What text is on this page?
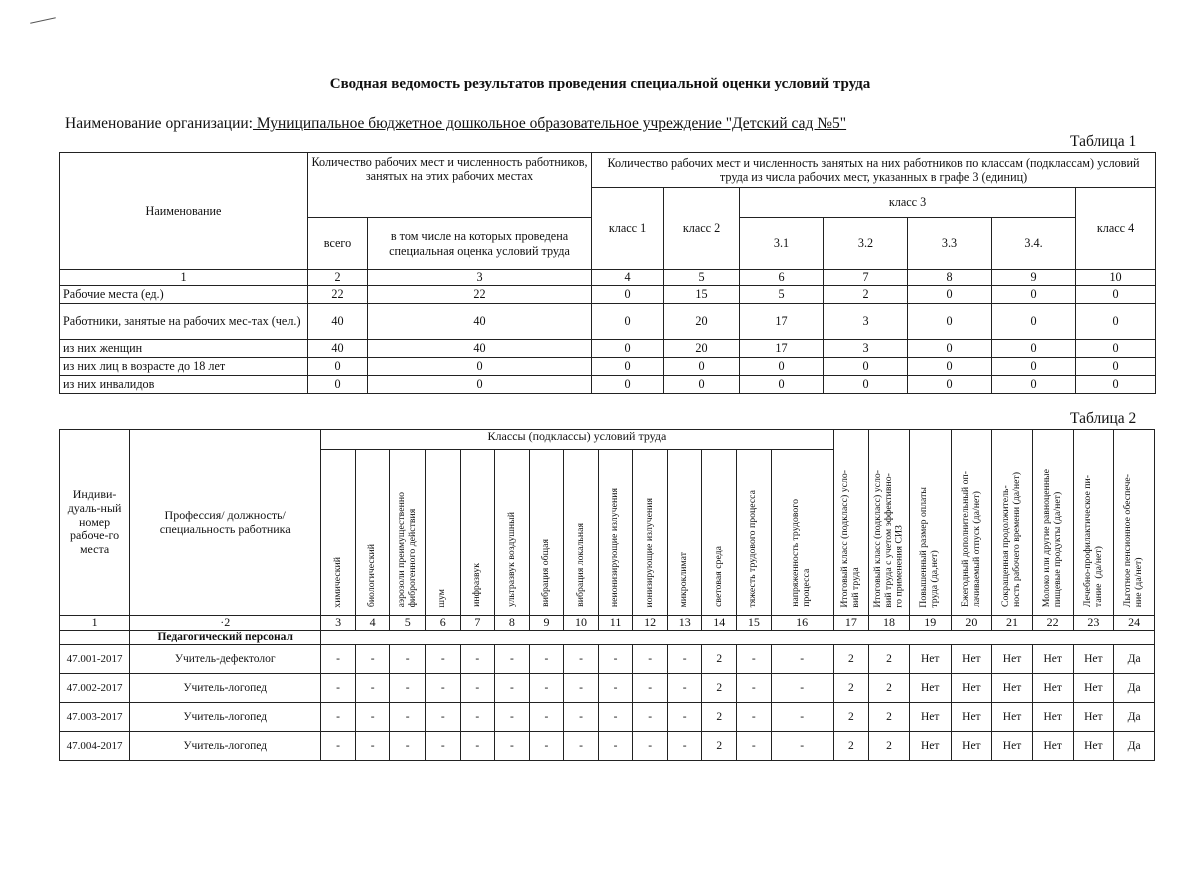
Сводная ведомость результатов проведения специальной оценки условий труда
Наименование организации: Муниципальное бюджетное дошкольное образовательное учреждение "Детский сад №5"
Таблица 1
Наименование	Количество рабочих мест и численность работников, занятых на этих рабочих местах		Количество рабочих мест и численность занятых на них работников по классам (подклассам) условий труда из числа рабочих мест, указанных в графе 3 (единиц)						
			класс 1	класс 2	класс 3				класс 4
	всего	в том числе на которых проведена специальная оценка условий труда			3.1	3.2	3.3	3.4.	
1	2	3	4	5	6	7	8	9	10
Рабочие места (ед.)	22	22	0	15	5	2	0	0	0
Работники, занятые на рабочих мес-тах (чел.)	40	40	0	20	17	3	0	0	0
из них женщин	40	40	0	20	17	3	0	0	0
из них лиц в возрасте до 18 лет	0	0	0	0	0	0	0	0	0
из них инвалидов	0	0	0	0	0	0	0	0	0
Таблица 2
Индиви-дуаль-ный номер рабоче-го места	Профессия/ должность/ специальность работника	Классы (подклассы) условий труда														Итоговый класс (подкласс) усло-
вий труда	Итоговый класс (подкласс) усло-
вий труда с учетом эффективно-
го применения СИЗ	Повышенный размер оплаты
труда (да,нет)	Ежегодный дополнительный оп-
лачиваемый отпуск (да/нет)	Сокращенная продолжитель-
ность рабочего времени (да/нет)	Молоко или другие равноценные
пищевые продукты (да/нет)	Лечебно-профилактическое пи-
тание  (да/нет)	Льготное пенсионное обеспече-
ние (да/нет)
		химический	биологический	аэрозоли преимущественно
фиброгенного действия	шум	инфразвук	ультразвук воздушный	вибрация общая	вибрация локальная	неионизирующие излучения	ионизирующие излучения	микроклимат	световая среда	тяжесть трудового процесса	напряженность трудового
процесса								
1	·2	3	4	5	6	7	8	9	10	11	12	13	14	15	16	17	18	19	20	21	22	23	24
	Педагогический персонал																						
47.001-2017	Учитель-дефектолог	-	-	-	-	-	-	-	-	-	-	-	2	-	-	2	2	Нет	Нет	Нет	Нет	Нет	Да
47.002-2017	Учитель-логопед	-	-	-	-	-	-	-	-	-	-	-	2	-	-	2	2	Нет	Нет	Нет	Нет	Нет	Да
47.003-2017	Учитель-логопед	-	-	-	-	-	-	-	-	-	-	-	2	-	-	2	2	Нет	Нет	Нет	Нет	Нет	Да
47.004-2017	Учитель-логопед	-	-	-	-	-	-	-	-	-	-	-	2	-	-	2	2	Нет	Нет	Нет	Нет	Нет	Да
